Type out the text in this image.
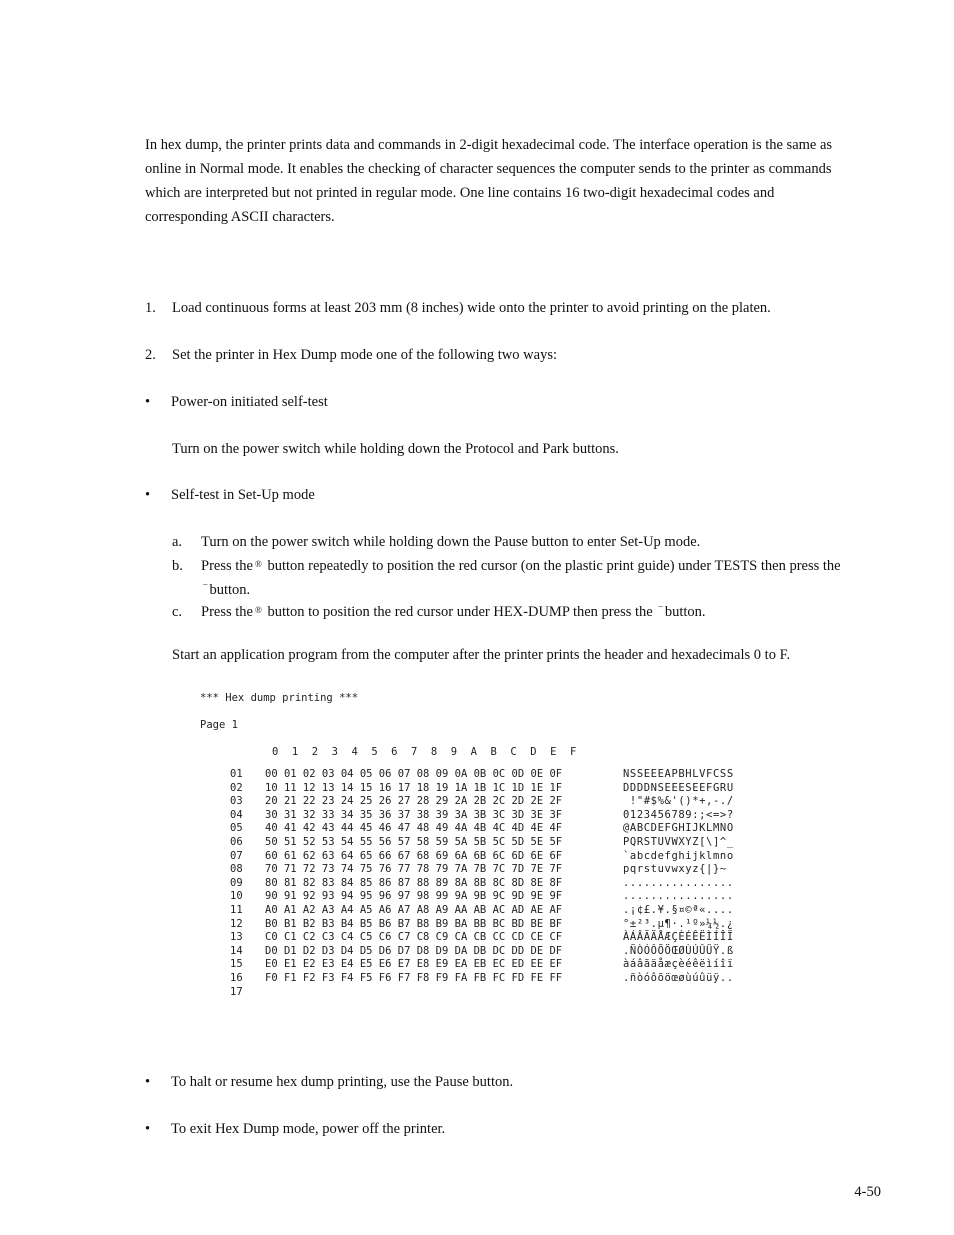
In hex dump, the printer prints data and commands in 2-digit hexadecimal code. The interface operation is the same as online in Normal mode. It enables the checking of character sequences the computer sends to the printer as commands which are interpreted but not printed in regular mode. One line contains 16 two-digit hexadecimal codes and corresponding ASCII characters.

1. Load continuous forms at least 203 mm (8 inches) wide onto the printer to avoid printing on the platen.
2. Set the printer in Hex Dump mode one of the following two ways:
• Power-on initiated self-test
Turn on the power switch while holding down the Protocol and Park buttons.
• Self-test in Set-Up mode
a. Turn on the power switch while holding down the Pause button to enter Set-Up mode.
b. Press the ® button repeatedly to position the red cursor (on the plastic print guide) under TESTS then press the ¯ button.
c. Press the ® button to position the red cursor under HEX-DUMP then press the ¯ button.
Start an application program from the computer after the printer prints the header and hexadecimals 0 to F.
*** Hex dump printing ***
Page 1
0  1  2  3  4  5  6  7  8  9  A  B  C  D  E  F
01	00 01 02 03 04 05 06 07 08 09 0A 0B 0C 0D 0E 0F	NSSEEEAPBHLVFCSS
02	10 11 12 13 14 15 16 17 18 19 1A 1B 1C 1D 1E 1F	DDDDNSEEESEEFGRU
03	20 21 22 23 24 25 26 27 28 29 2A 2B 2C 2D 2E 2F	!"#$%&'()*+,-./
04	30 31 32 33 34 35 36 37 38 39 3A 3B 3C 3D 3E 3F	0123456789:;<=>?
05	40 41 42 43 44 45 46 47 48 49 4A 4B 4C 4D 4E 4F	@ABCDEFGHIJKLMNO
06	50 51 52 53 54 55 56 57 58 59 5A 5B 5C 5D 5E 5F	PQRSTUVWXYZ[\]^_
07	60 61 62 63 64 65 66 67 68 69 6A 6B 6C 6D 6E 6F	`abcdefghijklmno
08	70 71 72 73 74 75 76 77 78 79 7A 7B 7C 7D 7E 7F	pqrstuvwxyz{|}~
09	80 81 82 83 84 85 86 87 88 89 8A 8B 8C 8D 8E 8F	................
10	90 91 92 93 94 95 96 97 98 99 9A 9B 9C 9D 9E 9F	................
11	A0 A1 A2 A3 A4 A5 A6 A7 A8 A9 AA AB AC AD AE AF	.¡¢£.¥.§¤©ª«....
12	B0 B1 B2 B3 B4 B5 B6 B7 B8 B9 BA BB BC BD BE BF	°±²³.µ¶·.¹º»¼½.¿
13	C0 C1 C2 C3 C4 C5 C6 C7 C8 C9 CA CB CC CD CE CF	ÀÁÂÃÄÅÆÇÈÉÊËÌÍÎÏ
14	D0 D1 D2 D3 D4 D5 D6 D7 D8 D9 DA DB DC DD DE DF	.ÑÒÓÔÕÖŒØÙÚÛÜŸ.ß
15	E0 E1 E2 E3 E4 E5 E6 E7 E8 E9 EA EB EC ED EE EF	àáâãäåæçèéêëìíîï
16	F0 F1 F2 F3 F4 F5 F6 F7 F8 F9 FA FB FC FD FE FF	.ñòóôõöœøùúûüÿ..
17
• To halt or resume hex dump printing, use the Pause button.
• To exit Hex Dump mode, power off the printer.
4-50
